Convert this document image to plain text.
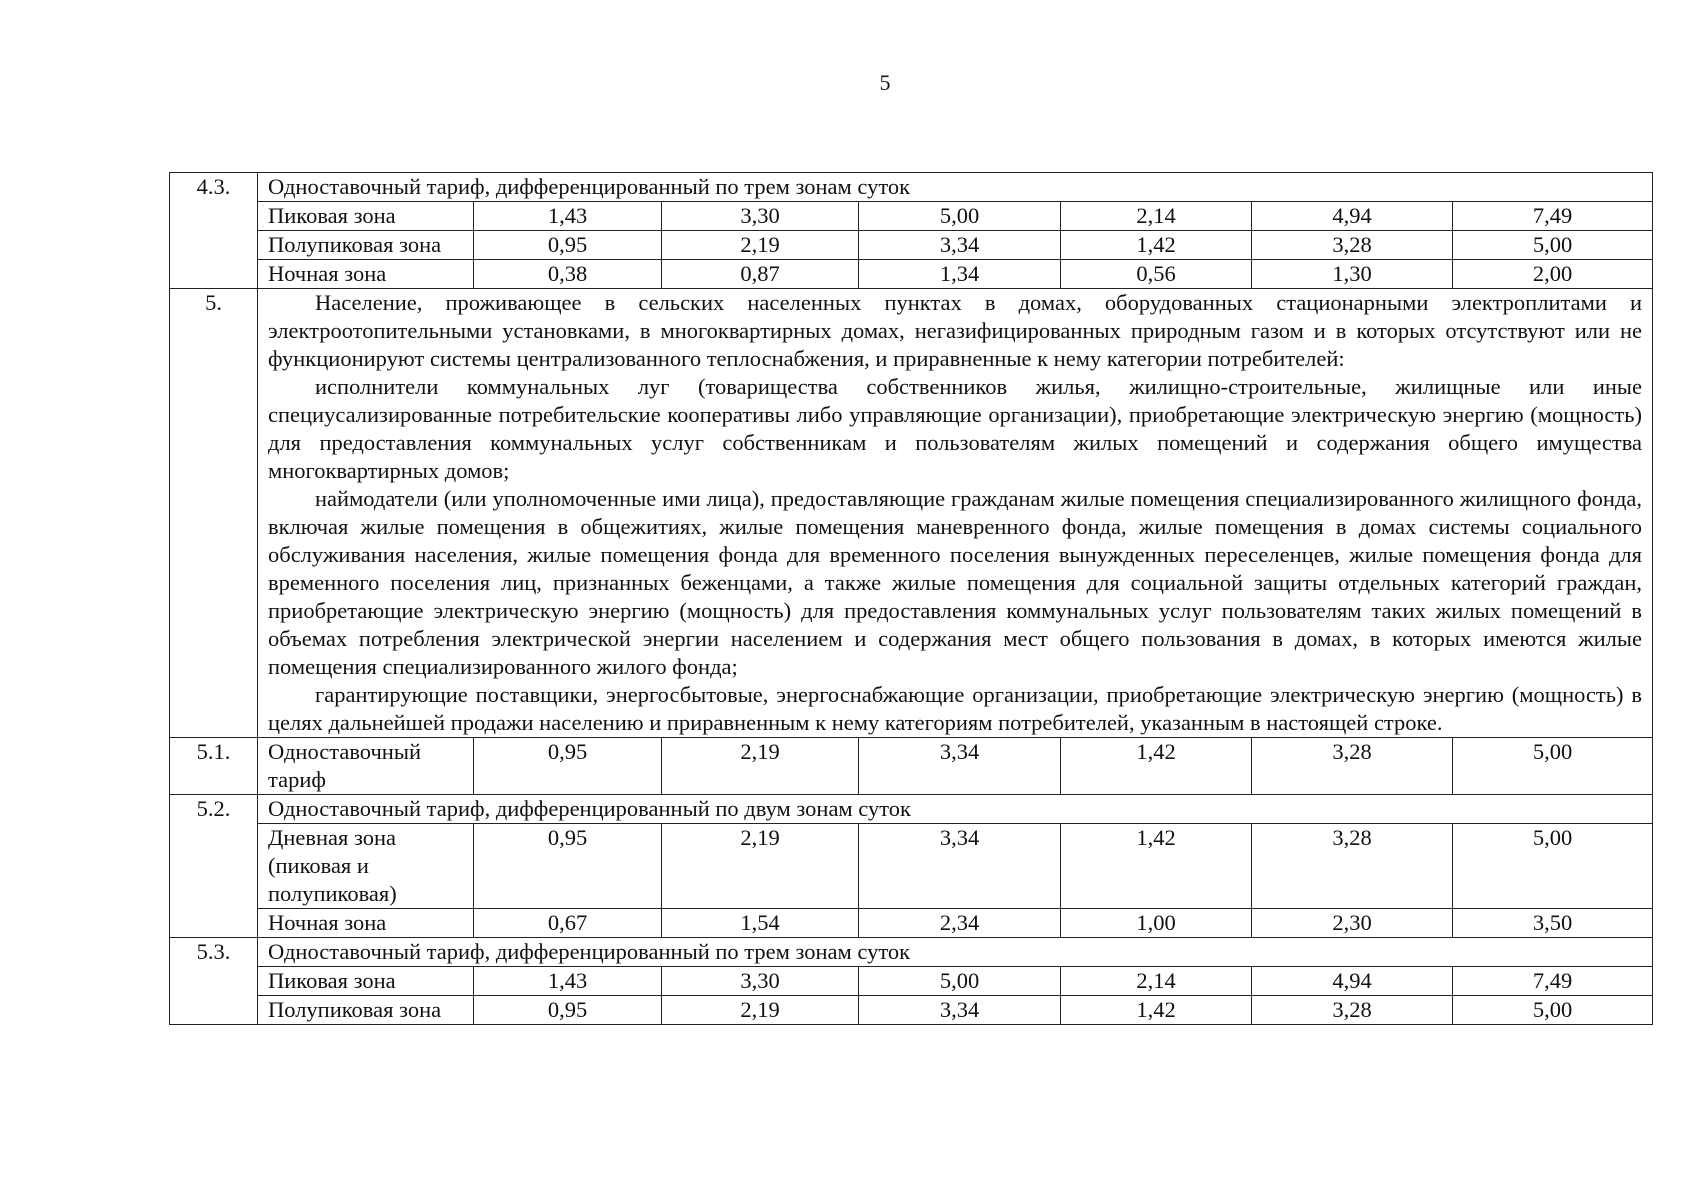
5
4.3.	Одноставочный тариф, дифференцированный по трем зонам суток						
	Пиковая зона	1,43	3,30	5,00	2,14	4,94	7,49
	Полупиковая зона	0,95	2,19	3,34	1,42	3,28	5,00
	Ночная зона	0,38	0,87	1,34	0,56	1,30	2,00
5.	Население, проживающее в сельских населенных пунктах в домах, оборудованных стационарными электроплитами и электроотопительными установками, в многоквартирных домах, негазифицированных природным газом и в которых отсутствуют или не функционируют системы централизованного теплоснабжения, и приравненные к нему категории потребителей:
исполнители коммунальных луг (товарищества собственников жилья, жилищно-строительные, жилищные или иные специусализированные потребительские кооперативы либо управляющие организации), приобретающие электрическую энергию (мощность) для предоставления коммунальных услуг собственникам и пользователям жилых помещений и содержания общего имущества многоквартирных домов;
наймодатели (или уполномоченные ими лица), предоставляющие гражданам жилые помещения специализированного жилищного фонда, включая жилые помещения в общежитиях, жилые помещения маневренного фонда, жилые помещения в домах системы социального обслуживания населения, жилые помещения фонда для временного поселения вынужденных переселенцев, жилые помещения фонда для временного поселения лиц, признанных беженцами, а также жилые помещения для социальной защиты отдельных категорий граждан, приобретающие электрическую энергию (мощность) для предоставления коммунальных услуг пользователям таких жилых помещений в объемах потребления электрической энергии населением и содержания мест общего пользования в домах, в которых имеются жилые помещения специализированного жилого фонда;
гарантирующие поставщики, энергосбытовые, энергоснабжающие организации, приобретающие электрическую энергию (мощность) в целях дальнейшей продажи населению и приравненным к нему категориям потребителей, указанным в настоящей строке.						

5.1.	Одноставочный тариф	0,95	2,19	3,34	1,42	3,28	5,00
5.2.	Одноставочный тариф, дифференцированный по двум зонам суток						
	Дневная зона (пиковая и полупиковая)	0,95	2,19	3,34	1,42	3,28	5,00
	Ночная зона	0,67	1,54	2,34	1,00	2,30	3,50
5.3.	Одноставочный тариф, дифференцированный по трем зонам суток						
	Пиковая зона	1,43	3,30	5,00	2,14	4,94	7,49
	Полупиковая зона	0,95	2,19	3,34	1,42	3,28	5,00
